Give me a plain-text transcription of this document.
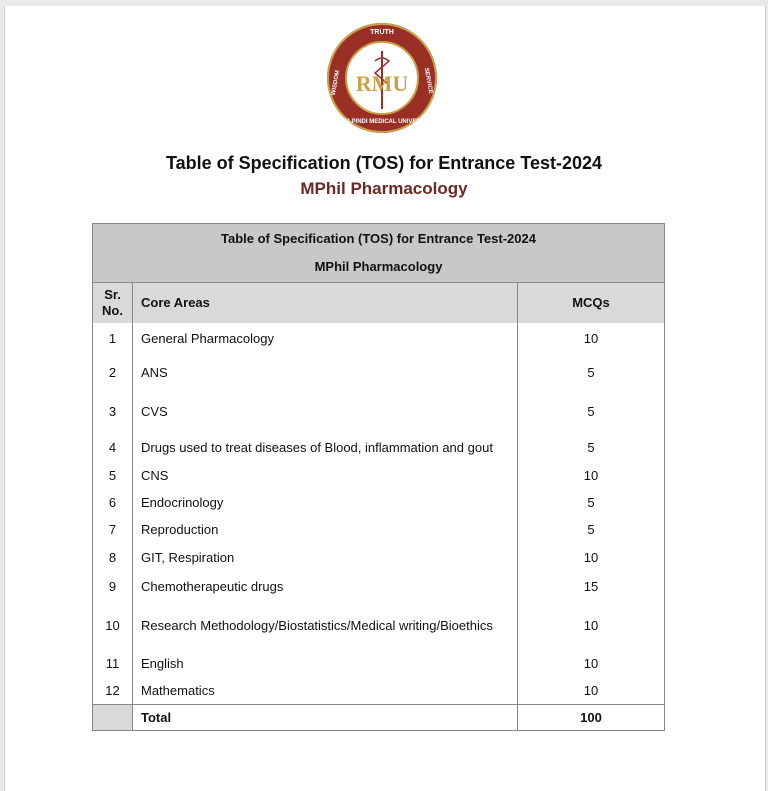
TRUTH
SERVICE
WISDOM
RAWALPINDI MEDICAL UNIVERSITY
RMU
Table of Specification (TOS) for Entrance Test-2024
MPhil Pharmacology
Table of Specification (TOS) for Entrance Test-2024
MPhil Pharmacology		

Sr.
No.	Core Areas	MCQs
1	General Pharmacology	10
2	ANS	5
3	CVS	5
4	Drugs used to treat diseases of Blood, inflammation and gout	5
5	CNS	10
6	Endocrinology	5
7	Reproduction	5
8	GIT, Respiration	10
9	Chemotherapeutic drugs	15
10	Research Methodology/Biostatistics/Medical writing/Bioethics	10
11	English	10
12	Mathematics	10
	Total	100
